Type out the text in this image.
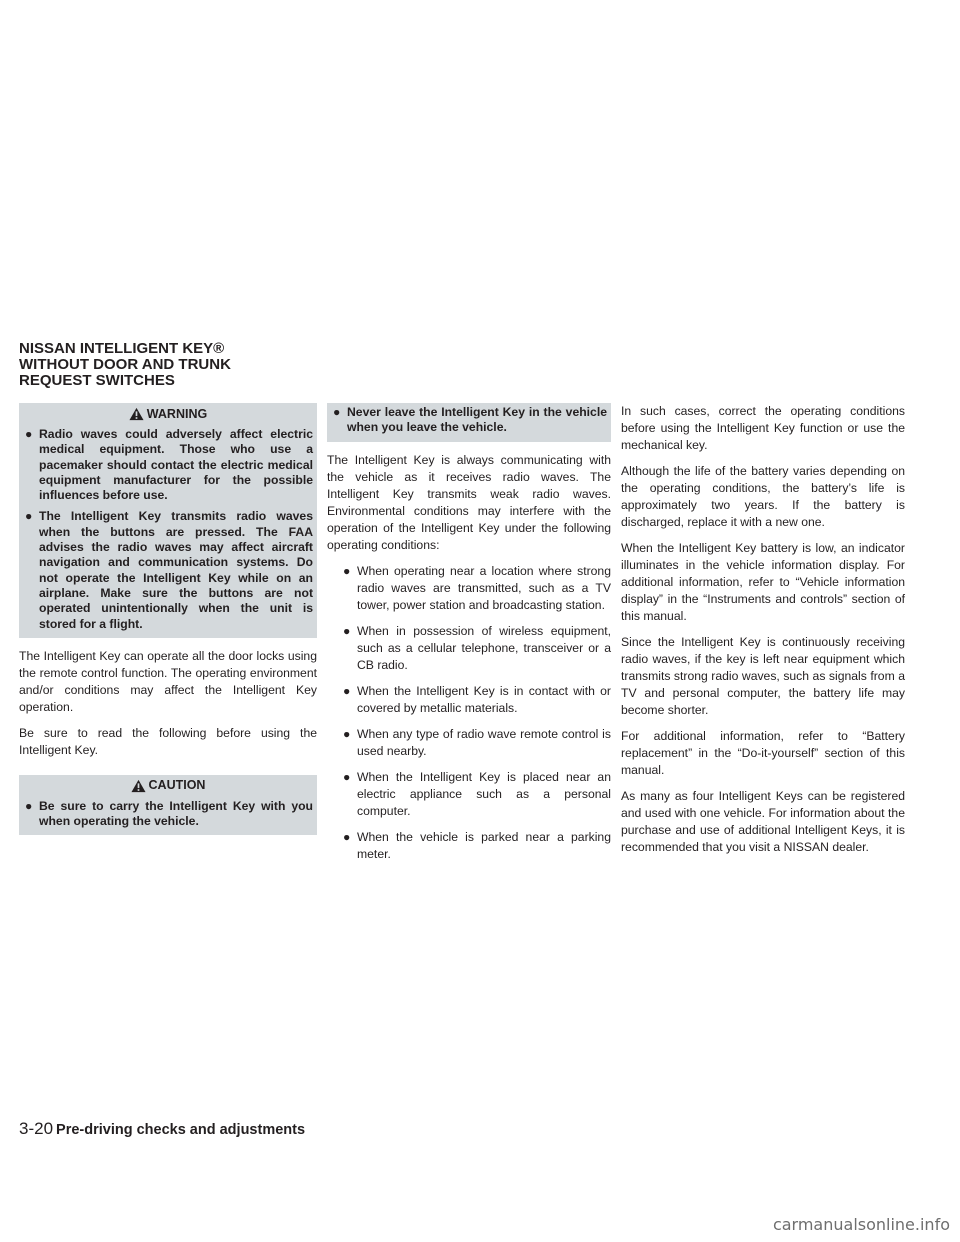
NISSAN INTELLIGENT KEY®
WITHOUT DOOR AND TRUNK
REQUEST SWITCHES
WARNING
● Radio waves could adversely affect electric medical equipment. Those who use a pacemaker should contact the electric medical equipment manufacturer for the possible influences before use.
● The Intelligent Key transmits radio waves when the buttons are pressed. The FAA advises the radio waves may affect aircraft navigation and communication systems. Do not operate the Intelligent Key while on an airplane. Make sure the buttons are not operated unintentionally when the unit is stored for a flight.

The Intelligent Key can operate all the door locks using the remote control function. The operating environment and/or conditions may affect the Intelligent Key operation.

Be sure to read the following before using the Intelligent Key.

CAUTION
● Be sure to carry the Intelligent Key with you when operating the vehicle.
● Never leave the Intelligent Key in the vehicle when you leave the vehicle.

The Intelligent Key is always communicating with the vehicle as it receives radio waves. The Intelligent Key transmits weak radio waves. Environmental conditions may interfere with the operation of the Intelligent Key under the following operating conditions:

● When operating near a location where strong radio waves are transmitted, such as a TV tower, power station and broadcasting station.
● When in possession of wireless equipment, such as a cellular telephone, transceiver or a CB radio.
● When the Intelligent Key is in contact with or covered by metallic materials.
● When any type of radio wave remote control is used nearby.
● When the Intelligent Key is placed near an electric appliance such as a personal computer.
● When the vehicle is parked near a parking meter.

In such cases, correct the operating conditions before using the Intelligent Key function or use the mechanical key.

Although the life of the battery varies depending on the operating conditions, the battery’s life is approximately two years. If the battery is discharged, replace it with a new one.

When the Intelligent Key battery is low, an indicator illuminates in the vehicle information display. For additional information, refer to “Vehicle information display” in the “Instruments and controls” section of this manual.

Since the Intelligent Key is continuously receiving radio waves, if the key is left near equipment which transmits strong radio waves, such as signals from a TV and personal computer, the battery life may become shorter.

For additional information, refer to “Battery replacement” in the “Do-it-yourself” section of this manual.

As many as four Intelligent Keys can be registered and used with one vehicle. For information about the purchase and use of additional Intelligent Keys, it is recommended that you visit a NISSAN dealer.

3-20 Pre-driving checks and adjustments
carmanualsonline.info
